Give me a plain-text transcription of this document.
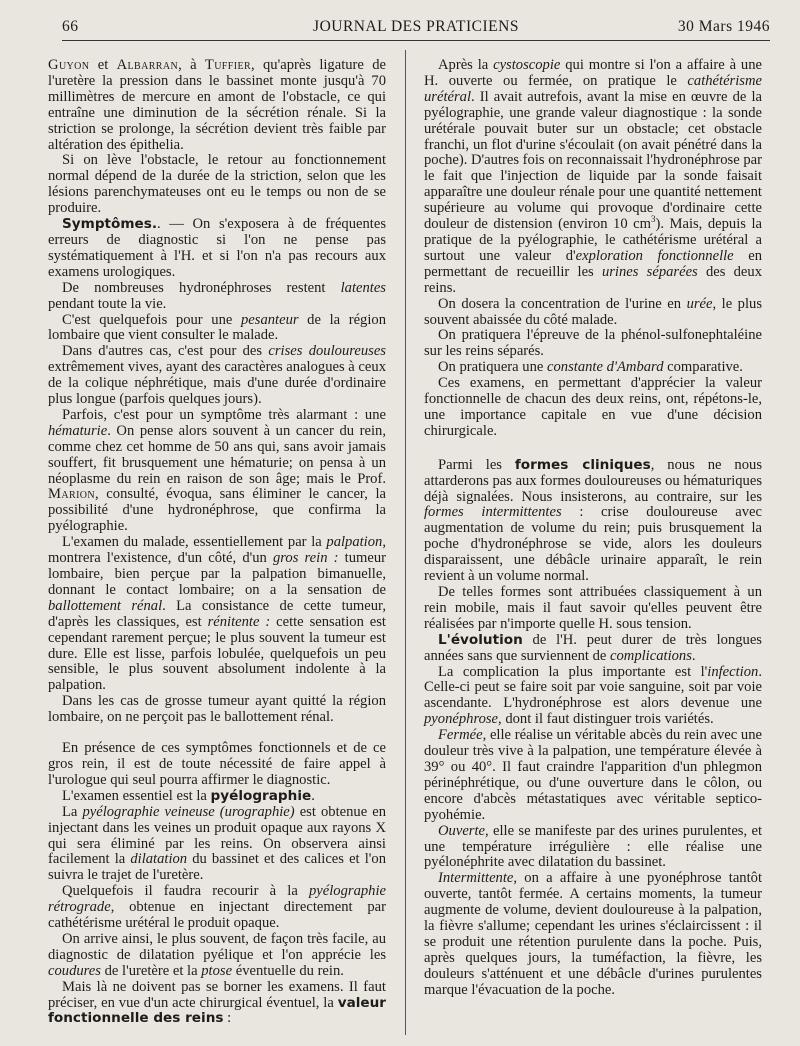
66	JOURNAL DES PRATICIENS	30 Mars 1946

Guyon et Albarran, à Tuffier, qu'après ligature de l'uretère la pression dans le bassinet monte jusqu'à 70 millimètres de mercure en amont de l'obstacle, ce qui entraîne une diminution de la sécrétion rénale. Si la striction se prolonge, la sécrétion devient très faible par altération des épithelia.

Si on lève l'obstacle, le retour au fonctionnement normal dépend de la durée de la striction, selon que les lésions parenchymateuses ont eu le temps ou non de se produire.

Symptômes.. — On s'exposera à de fréquentes erreurs de diagnostic si l'on ne pense pas systématiquement à l'H. et si l'on n'a pas recours aux examens urologiques.

De nombreuses hydronéphroses restent latentes pendant toute la vie.

C'est quelquefois pour une pesanteur de la région lombaire que vient consulter le malade.

Dans d'autres cas, c'est pour des crises douloureuses extrêmement vives, ayant des caractères analogues à ceux de la colique néphrétique, mais d'une durée d'ordinaire plus longue (parfois quelques jours).

Parfois, c'est pour un symptôme très alarmant : une hématurie. On pense alors souvent à un cancer du rein, comme chez cet homme de 50 ans qui, sans avoir jamais souffert, fit brusquement une hématurie; on pensa à un néoplasme du rein en raison de son âge; mais le Prof. Marion, consulté, évoqua, sans éliminer le cancer, la possibilité d'une hydronéphrose, que confirma la pyélographie.

L'examen du malade, essentiellement par la palpation, montrera l'existence, d'un côté, d'un gros rein : tumeur lombaire, bien perçue par la palpation bimanuelle, donnant le contact lombaire; on a la sensation de ballottement rénal. La consistance de cette tumeur, d'après les classiques, est rénitente : cette sensation est cependant rarement perçue; le plus souvent la tumeur est dure. Elle est lisse, parfois lobulée, quelquefois un peu sensible, le plus souvent absolument indolente à la palpation.

Dans les cas de grosse tumeur ayant quitté la région lombaire, on ne perçoit pas le ballottement rénal.

En présence de ces symptômes fonctionnels et de ce gros rein, il est de toute nécessité de faire appel à l'urologue qui seul pourra affirmer le diagnostic.

L'examen essentiel est la pyélographie.

La pyélographie veineuse (urographie) est obtenue en injectant dans les veines un produit opaque aux rayons X qui sera éliminé par les reins. On observera ainsi facilement la dilatation du bassinet et des calices et l'on suivra le trajet de l'uretère.

Quelquefois il faudra recourir à la pyélographie rétrograde, obtenue en injectant directement par cathétérisme urétéral le produit opaque.

On arrive ainsi, le plus souvent, de façon très facile, au diagnostic de dilatation pyélique et l'on apprécie les coudures de l'uretère et la ptose éventuelle du rein.

Mais là ne doivent pas se borner les examens. Il faut préciser, en vue d'un acte chirurgical éventuel, la valeur fonctionnelle des reins :

Après la cystoscopie qui montre si l'on a affaire à une H. ouverte ou fermée, on pratique le cathétérisme urétéral. Il avait autrefois, avant la mise en œuvre de la pyélographie, une grande valeur diagnostique : la sonde urétérale pouvait buter sur un obstacle; cet obstacle franchi, un flot d'urine s'écoulait (on avait pénétré dans la poche). D'autres fois on reconnaissait l'hydronéphrose par le fait que l'injection de liquide par la sonde faisait apparaître une douleur rénale pour une quantité nettement supérieure au volume qui provoque d'ordinaire cette douleur de distension (environ 10 $cm^3$). Mais, depuis la pratique de la pyélographie, le cathétérisme urétéral a surtout une valeur d'exploration fonctionnelle en permettant de recueillir les urines séparées des deux reins.

On dosera la concentration de l'urine en urée, le plus souvent abaissée du côté malade.

On pratiquera l'épreuve de la phénol-sulfonephtaléine sur les reins séparés.

On pratiquera une constante d'Ambard comparative.

Ces examens, en permettant d'apprécier la valeur fonctionnelle de chacun des deux reins, ont, répétons-le, une importance capitale en vue d'une décision chirurgicale.

Parmi les formes cliniques, nous ne nous attarderons pas aux formes douloureuses ou hématuriques déjà signalées. Nous insisterons, au contraire, sur les formes intermittentes : crise douloureuse avec augmentation de volume du rein; puis brusquement la poche d'hydronéphrose se vide, alors les douleurs disparaissent, une débâcle urinaire apparaît, le rein revient à un volume normal.

De telles formes sont attribuées classiquement à un rein mobile, mais il faut savoir qu'elles peuvent être réalisées par n'importe quelle H. sous tension.

L'évolution de l'H. peut durer de très longues années sans que surviennent de complications.

La complication la plus importante est l'infection. Celle-ci peut se faire soit par voie sanguine, soit par voie ascendante. L'hydronéphrose est alors devenue une pyonéphrose, dont il faut distinguer trois variétés.

Fermée, elle réalise un véritable abcès du rein avec une douleur très vive à la palpation, une température élevée à 39° ou 40°. Il faut craindre l'apparition d'un phlegmon périnéphrétique, ou d'une ouverture dans le côlon, ou encore d'abcès métastatiques avec véritable septico-pyohémie.

Ouverte, elle se manifeste par des urines purulentes, et une température irrégulière : elle réalise une pyélonéphrite avec dilatation du bassinet.

Intermittente, on a affaire à une pyonéphrose tantôt ouverte, tantôt fermée. A certains moments, la tumeur augmente de volume, devient douloureuse à la palpation, la fièvre s'allume; cependant les urines s'éclaircissent : il se produit une rétention purulente dans la poche. Puis, après quelques jours, la tuméfaction, la fièvre, les douleurs s'atténuent et une débâcle d'urines purulentes marque l'évacuation de la poche.
